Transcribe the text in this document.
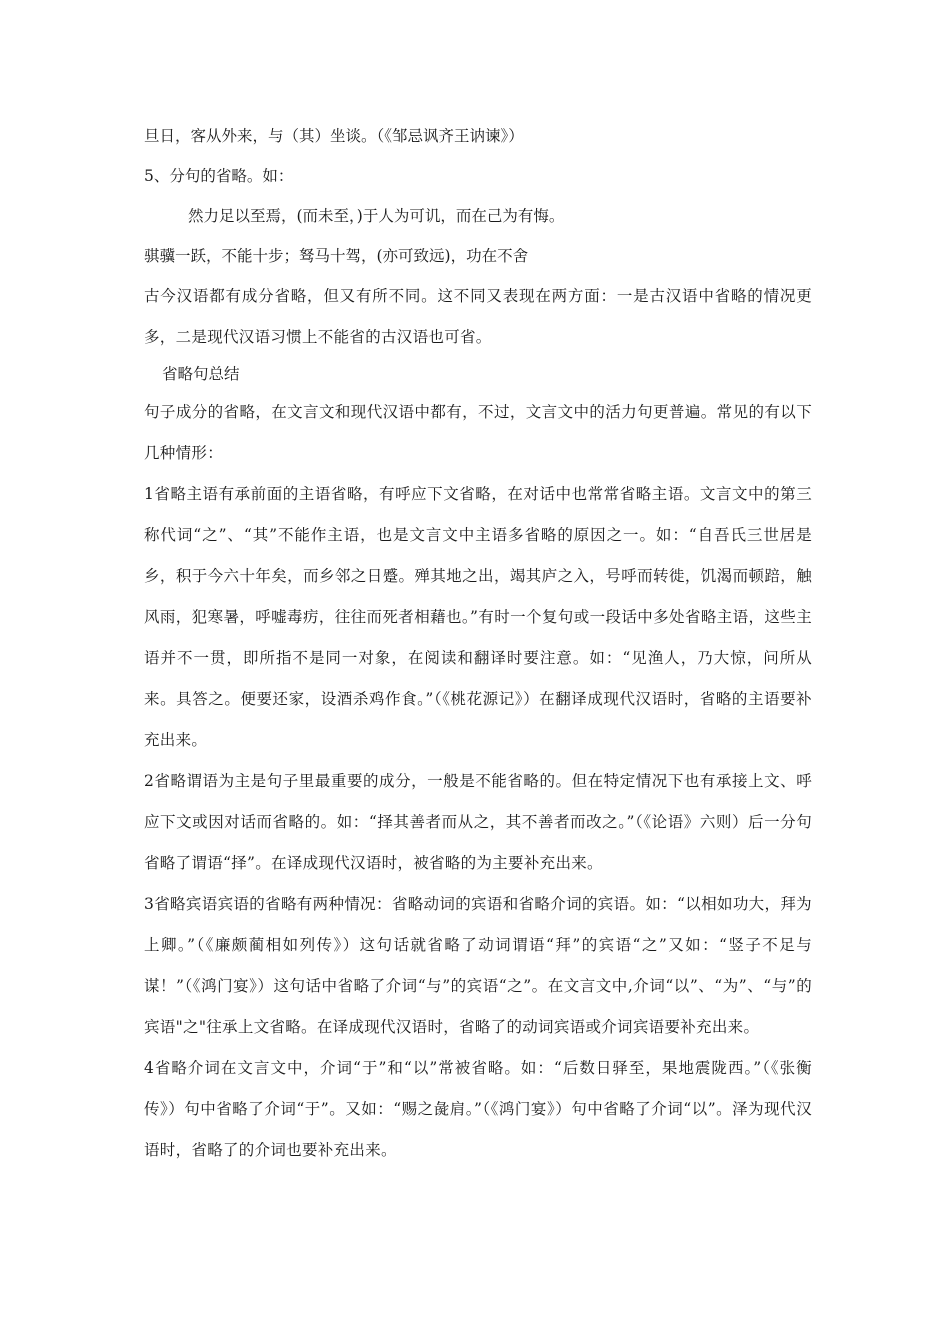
旦日，客从外来，与（其）坐谈。（《邹忌讽齐王讷谏》）

5、分句的省略。如：

然力足以至焉，(而未至，)于人为可讥，而在己为有悔。

骐骥一跃，不能十步；驽马十驾，(亦可致远)，功在不舍

古今汉语都有成分省略，但又有所不同。这不同又表现在两方面：一是古汉语中省略的情况更多，二是现代汉语习惯上不能省的古汉语也可省。

省略句总结

句子成分的省略，在文言文和现代汉语中都有，不过，文言文中的活力句更普遍。常见的有以下几种情形：

1省略主语有承前面的主语省略，有呼应下文省略，在对话中也常常省略主语。文言文中的第三称代词“之”、“其”不能作主语，也是文言文中主语多省略的原因之一。如：“自吾氏三世居是乡，积于今六十年矣，而乡邻之日蹙。殚其地之出，竭其庐之入，号呼而转徙，饥渴而顿踣，触风雨，犯寒暑，呼嘘毒疠，往往而死者相藉也。”有时一个复句或一段话中多处省略主语，这些主语并不一贯，即所指不是同一对象，在阅读和翻译时要注意。如：“见渔人，乃大惊，问所从来。具答之。便要还家，设酒杀鸡作食。”（《桃花源记》）在翻译成现代汉语时，省略的主语要补充出来。

2省略谓语为主是句子里最重要的成分，一般是不能省略的。但在特定情况下也有承接上文、呼应下文或因对话而省略的。如：“择其善者而从之，其不善者而改之。”（《论语》六则）后一分句省略了谓语“择”。在译成现代汉语时，被省略的为主要补充出来。

3省略宾语宾语的省略有两种情况：省略动词的宾语和省略介词的宾语。如：“以相如功大，拜为上卿。”（《廉颇蔺相如列传》）这句话就省略了动词谓语“拜”的宾语“之”又如：“竖子不足与谋！”（《鸿门宴》）这句话中省略了介词“与”的宾语“之”。在文言文中,介词“以”、“为”、“与”的宾语"之"往承上文省略。在译成现代汉语时，省略了的动词宾语或介词宾语要补充出来。

4省略介词在文言文中，介词“于”和“以”常被省略。如：“后数日驿至，果地震陇西。”（《张衡传》）句中省略了介词“于”。又如：“赐之彘肩。”（《鸿门宴》）句中省略了介词“以”。泽为现代汉语时，省略了的介词也要补充出来。
